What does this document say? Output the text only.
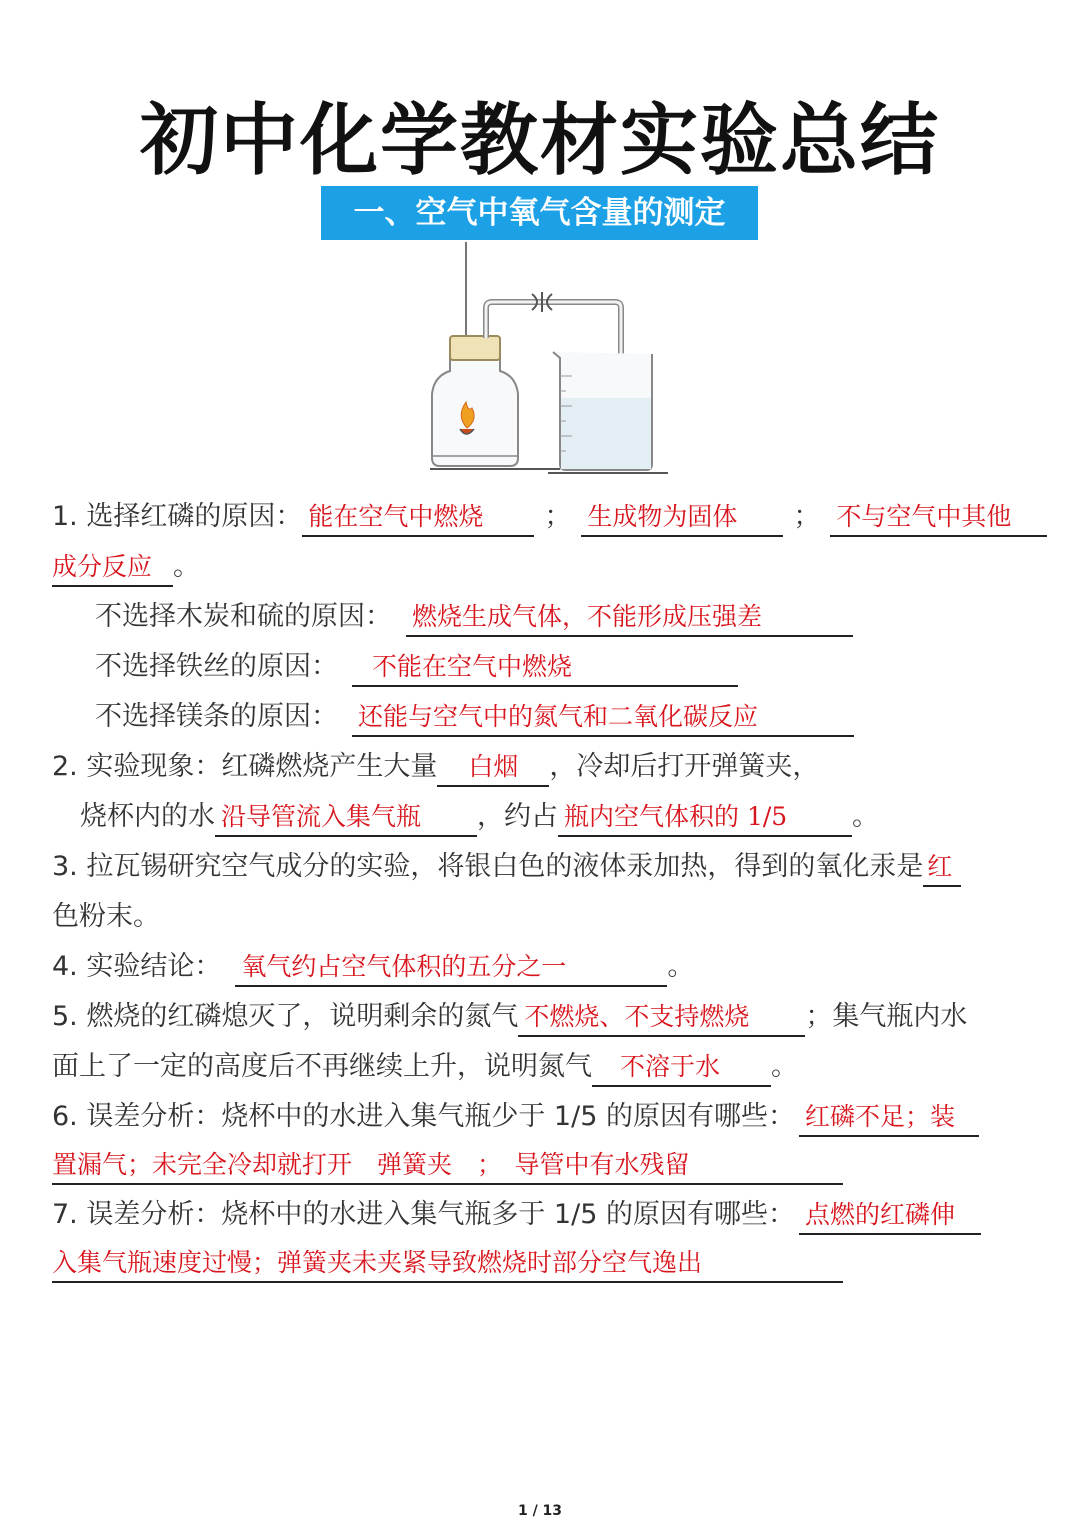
初中化学教材实验总结
一、空气中氧气含量的测定
1. 选择红磷的原因： 能在空气中燃烧 ； 生成物为固体 ； 不与空气中其他
成分反应 。
不选择木炭和硫的原因： 燃烧生成气体，不能形成压强差
不选择铁丝的原因： 不能在空气中燃烧
不选择镁条的原因： 还能与空气中的氮气和二氧化碳反应
2. 实验现象：红磷燃烧产生大量 白烟 ，冷却后打开弹簧夹，
烧杯内的水 沿导管流入集气瓶 ，约占 瓶内空气体积的 1/5 。
3. 拉瓦锡研究空气成分的实验，将银白色的液体汞加热，得到的氧化汞是 红
色粉末。
4. 实验结论： 氧气约占空气体积的五分之一	。
5. 燃烧的红磷熄灭了，说明剩余的氮气 不燃烧、不支持燃烧 ；集气瓶内水
面上了一定的高度后不再继续上升，说明氮气 不溶于水 。
6. 误差分析：烧杯中的水进入集气瓶少于 1/5 的原因有哪些： 红磷不足；装
置漏气；未完全冷却就打开　弹簧夹　；　导管中有水残留
7. 误差分析：烧杯中的水进入集气瓶多于 1/5 的原因有哪些： 点燃的红磷伸
入集气瓶速度过慢；弹簧夹未夹紧导致燃烧时部分空气逸出
1 / 13
